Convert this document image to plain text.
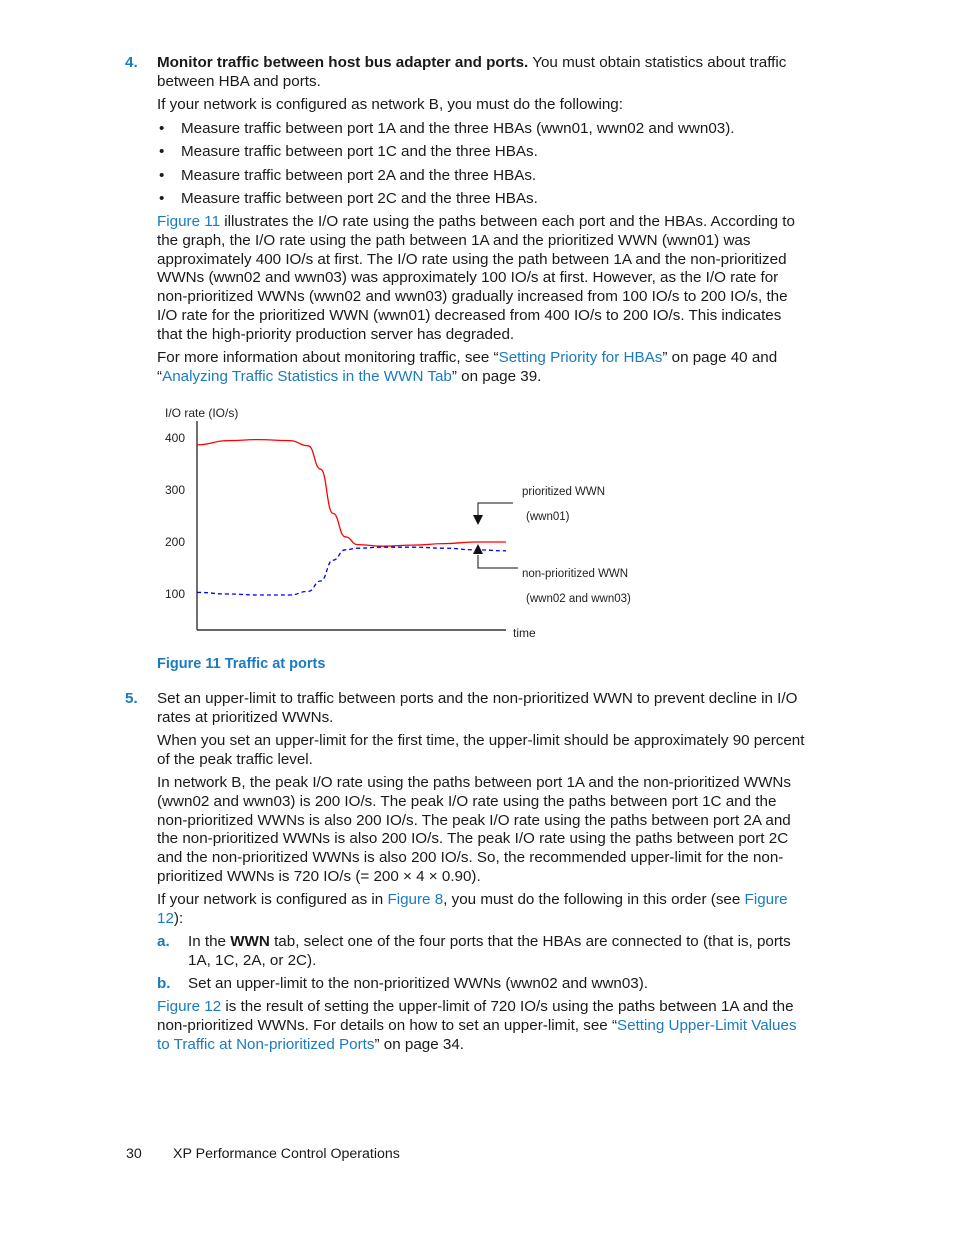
4. Monitor traffic between host bus adapter and ports. You must obtain statistics about traffic between HBA and ports.
If your network is configured as network B, you must do the following:
• Measure traffic between port 1A and the three HBAs (wwn01, wwn02 and wwn03).
• Measure traffic between port 1C and the three HBAs.
• Measure traffic between port 2A and the three HBAs.
• Measure traffic between port 2C and the three HBAs.
Figure 11 illustrates the I/O rate using the paths between each port and the HBAs. According to the graph, the I/O rate using the path between 1A and the prioritized WWN (wwn01) was approximately 400 IO/s at first. The I/O rate using the path between 1A and the non-prioritized WWNs (wwn02 and wwn03) was approximately 100 IO/s at first. However, as the I/O rate for non-prioritized WWNs (wwn02 and wwn03) gradually increased from 100 IO/s to 200 IO/s, the I/O rate for the prioritized WWN (wwn01) decreased from 400 IO/s to 200 IO/s. This indicates that the high-priority production server has degraded.
For more information about monitoring traffic, see “Setting Priority for HBAs” on page 40 and “Analyzing Traffic Statistics in the WWN Tab” on page 39.
I/O rate (IO/s)
time
100
200
300
400
prioritized WWN
(wwn01)
non-prioritized WWN
(wwn02 and wwn03)
Figure 11 Traffic at ports
5. Set an upper-limit to traffic between ports and the non-prioritized WWN to prevent decline in I/O rates at prioritized WWNs.
When you set an upper-limit for the first time, the upper-limit should be approximately 90 percent of the peak traffic level.
In network B, the peak I/O rate using the paths between port 1A and the non-prioritized WWNs (wwn02 and wwn03) is 200 IO/s. The peak I/O rate using the paths between port 1C and the non-prioritized WWNs is also 200 IO/s. The peak I/O rate using the paths between port 2A and the non-prioritized WWNs is also 200 IO/s. The peak I/O rate using the paths between port 2C and the non-prioritized WWNs is also 200 IO/s. So, the recommended upper-limit for the non-prioritized WWNs is 720 IO/s (= 200 × 4 × 0.90).
If your network is configured as in Figure 8, you must do the following in this order (see Figure 12):
a. In the WWN tab, select one of the four ports that the HBAs are connected to (that is, ports 1A, 1C, 2A, or 2C).
b. Set an upper-limit to the non-prioritized WWNs (wwn02 and wwn03).
Figure 12 is the result of setting the upper-limit of 720 IO/s using the paths between 1A and the non-prioritized WWNs. For details on how to set an upper-limit, see “Setting Upper-Limit Values to Traffic at Non-prioritized Ports” on page 34.
30 XP Performance Control Operations
